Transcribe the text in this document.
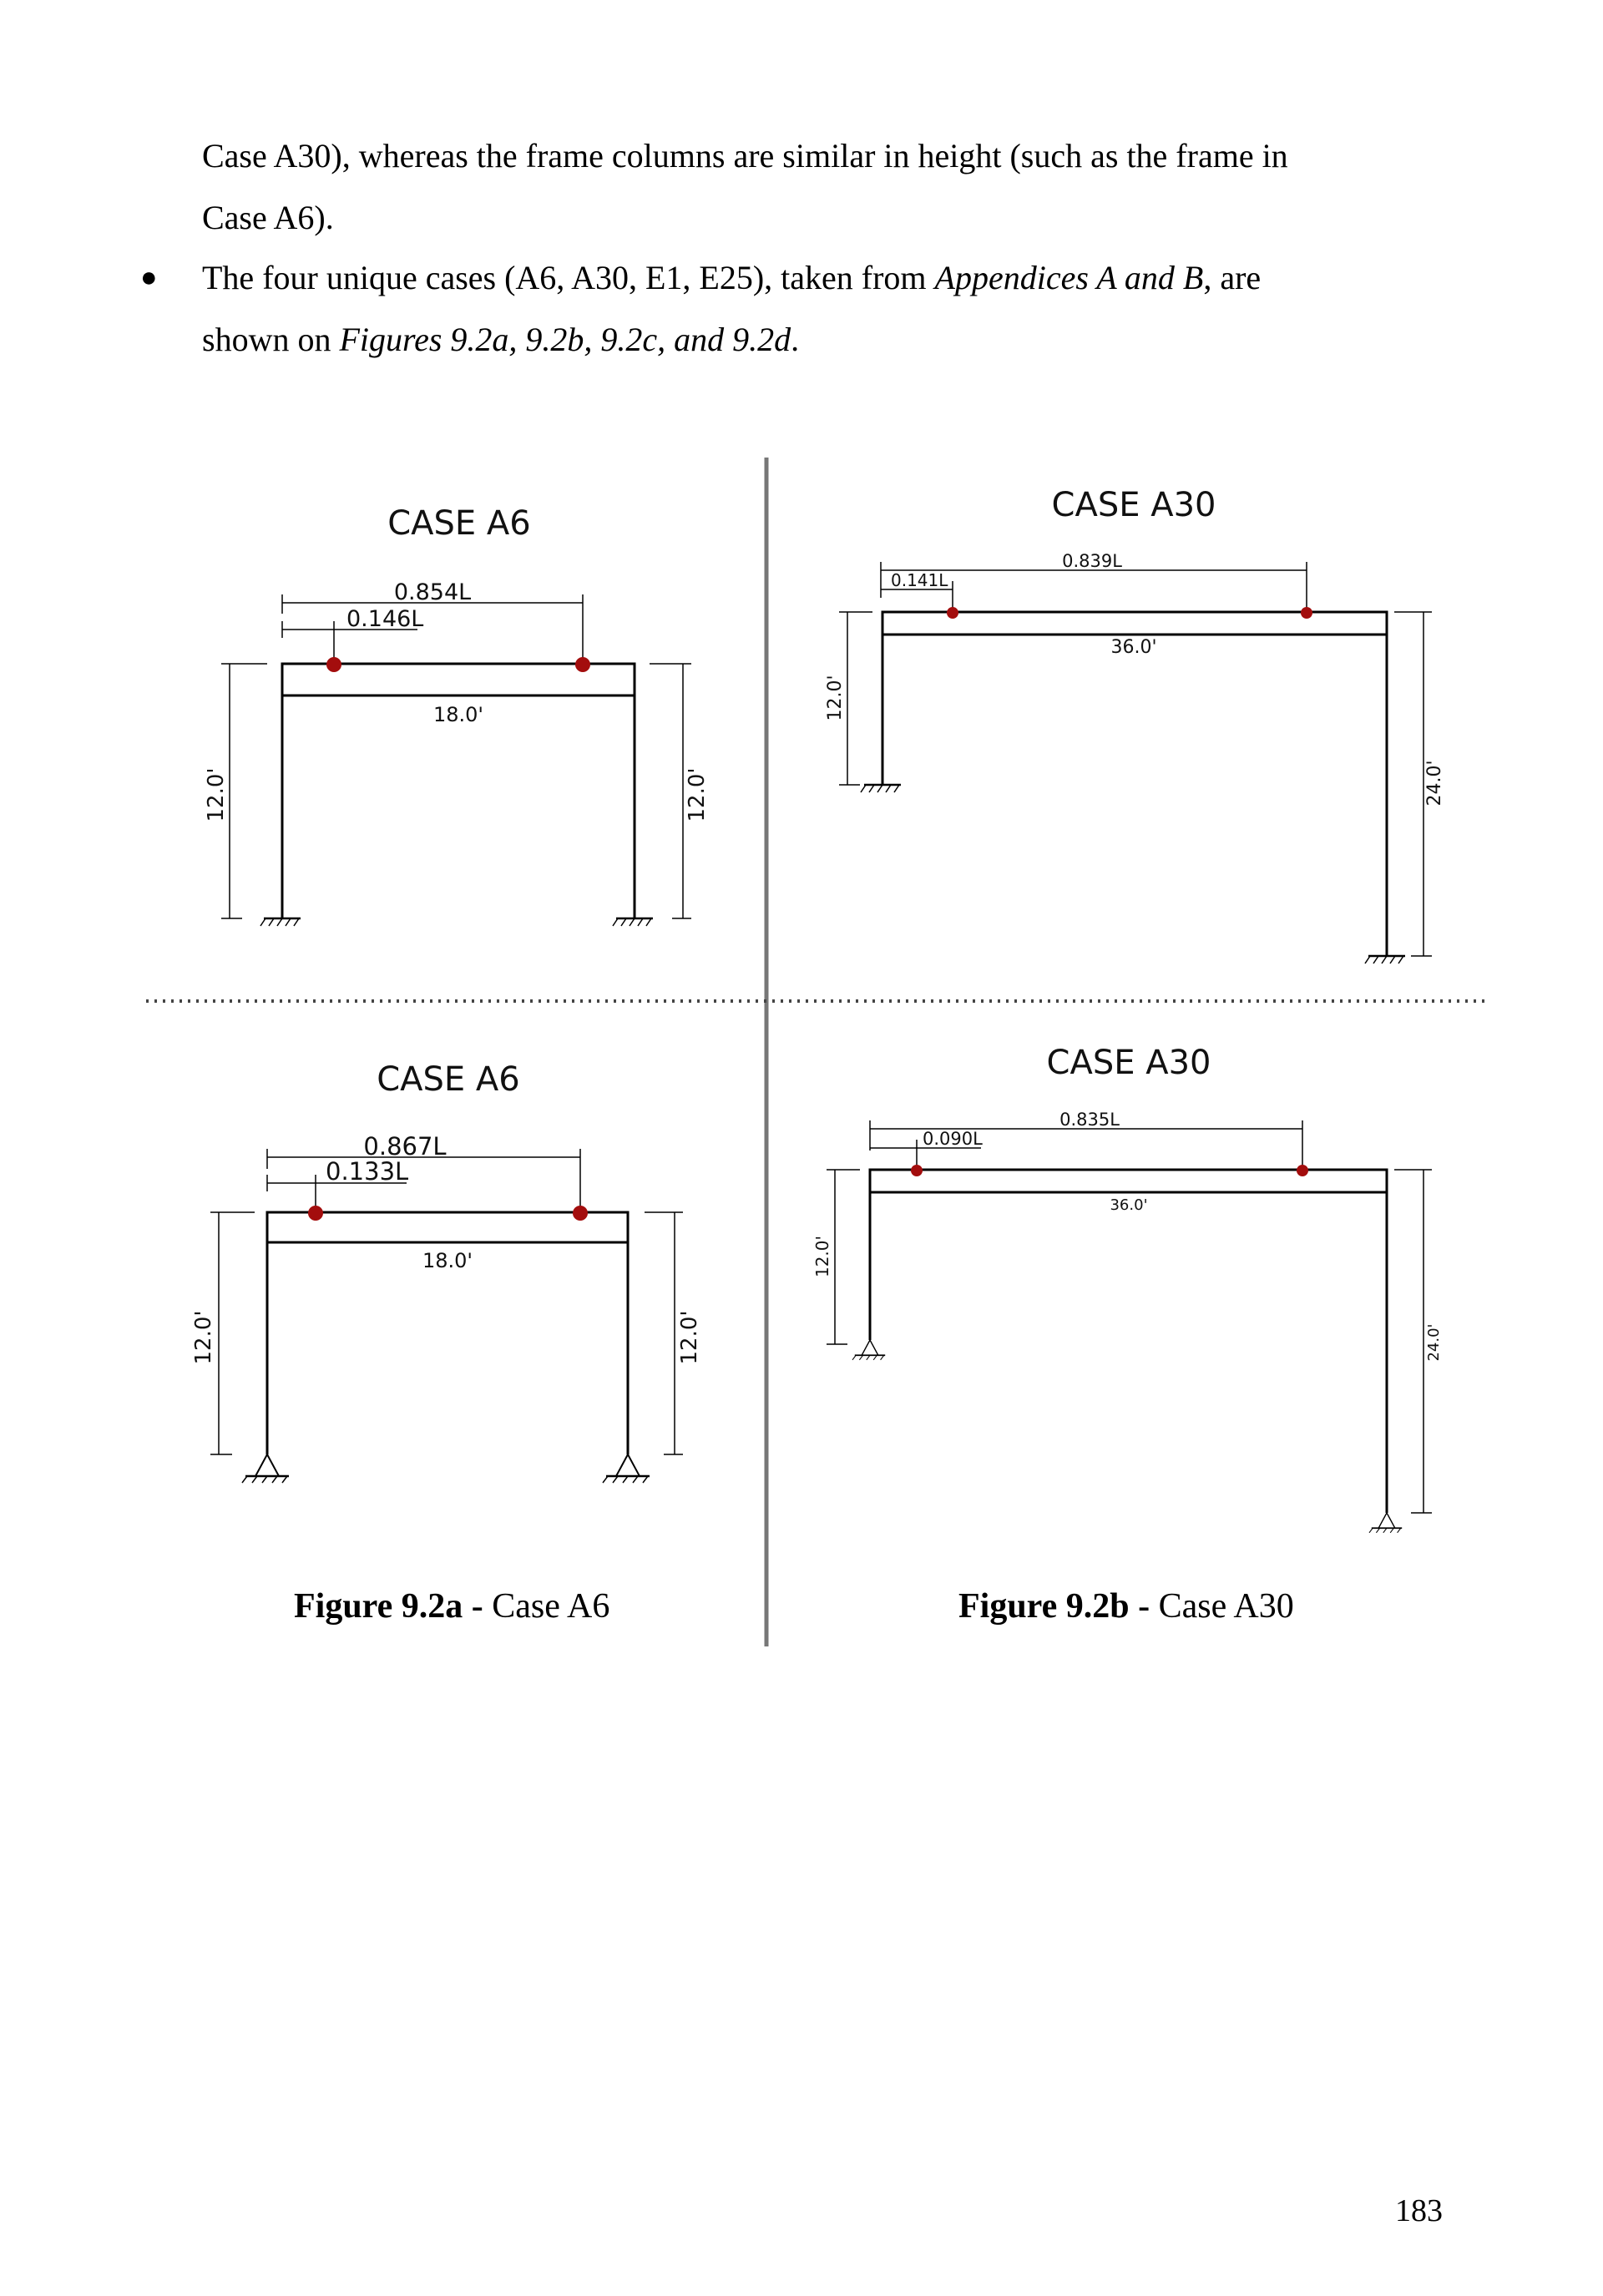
Case A30), whereas the frame columns are similar in height (such as the frame in

Case A6).

● The four unique cases (A6, A30, E1, E25), taken from Appendices A and B, are

shown on Figures 9.2a, 9.2b, 9.2c, and 9.2d.

CASE A6
0.854L
0.146L
18.0'
12.0'	12.0'
CASE A30
0.839L
0.141L
36.0'
12.0'
24.0'
CASE A6
0.867L
0.133L
18.0'
12.0'	12.0'
CASE A30
0.835L
0.090L
36.0'
12.0'
24.0'
Figure 9.2a - Case A6	Figure 9.2b - Case A30
183
